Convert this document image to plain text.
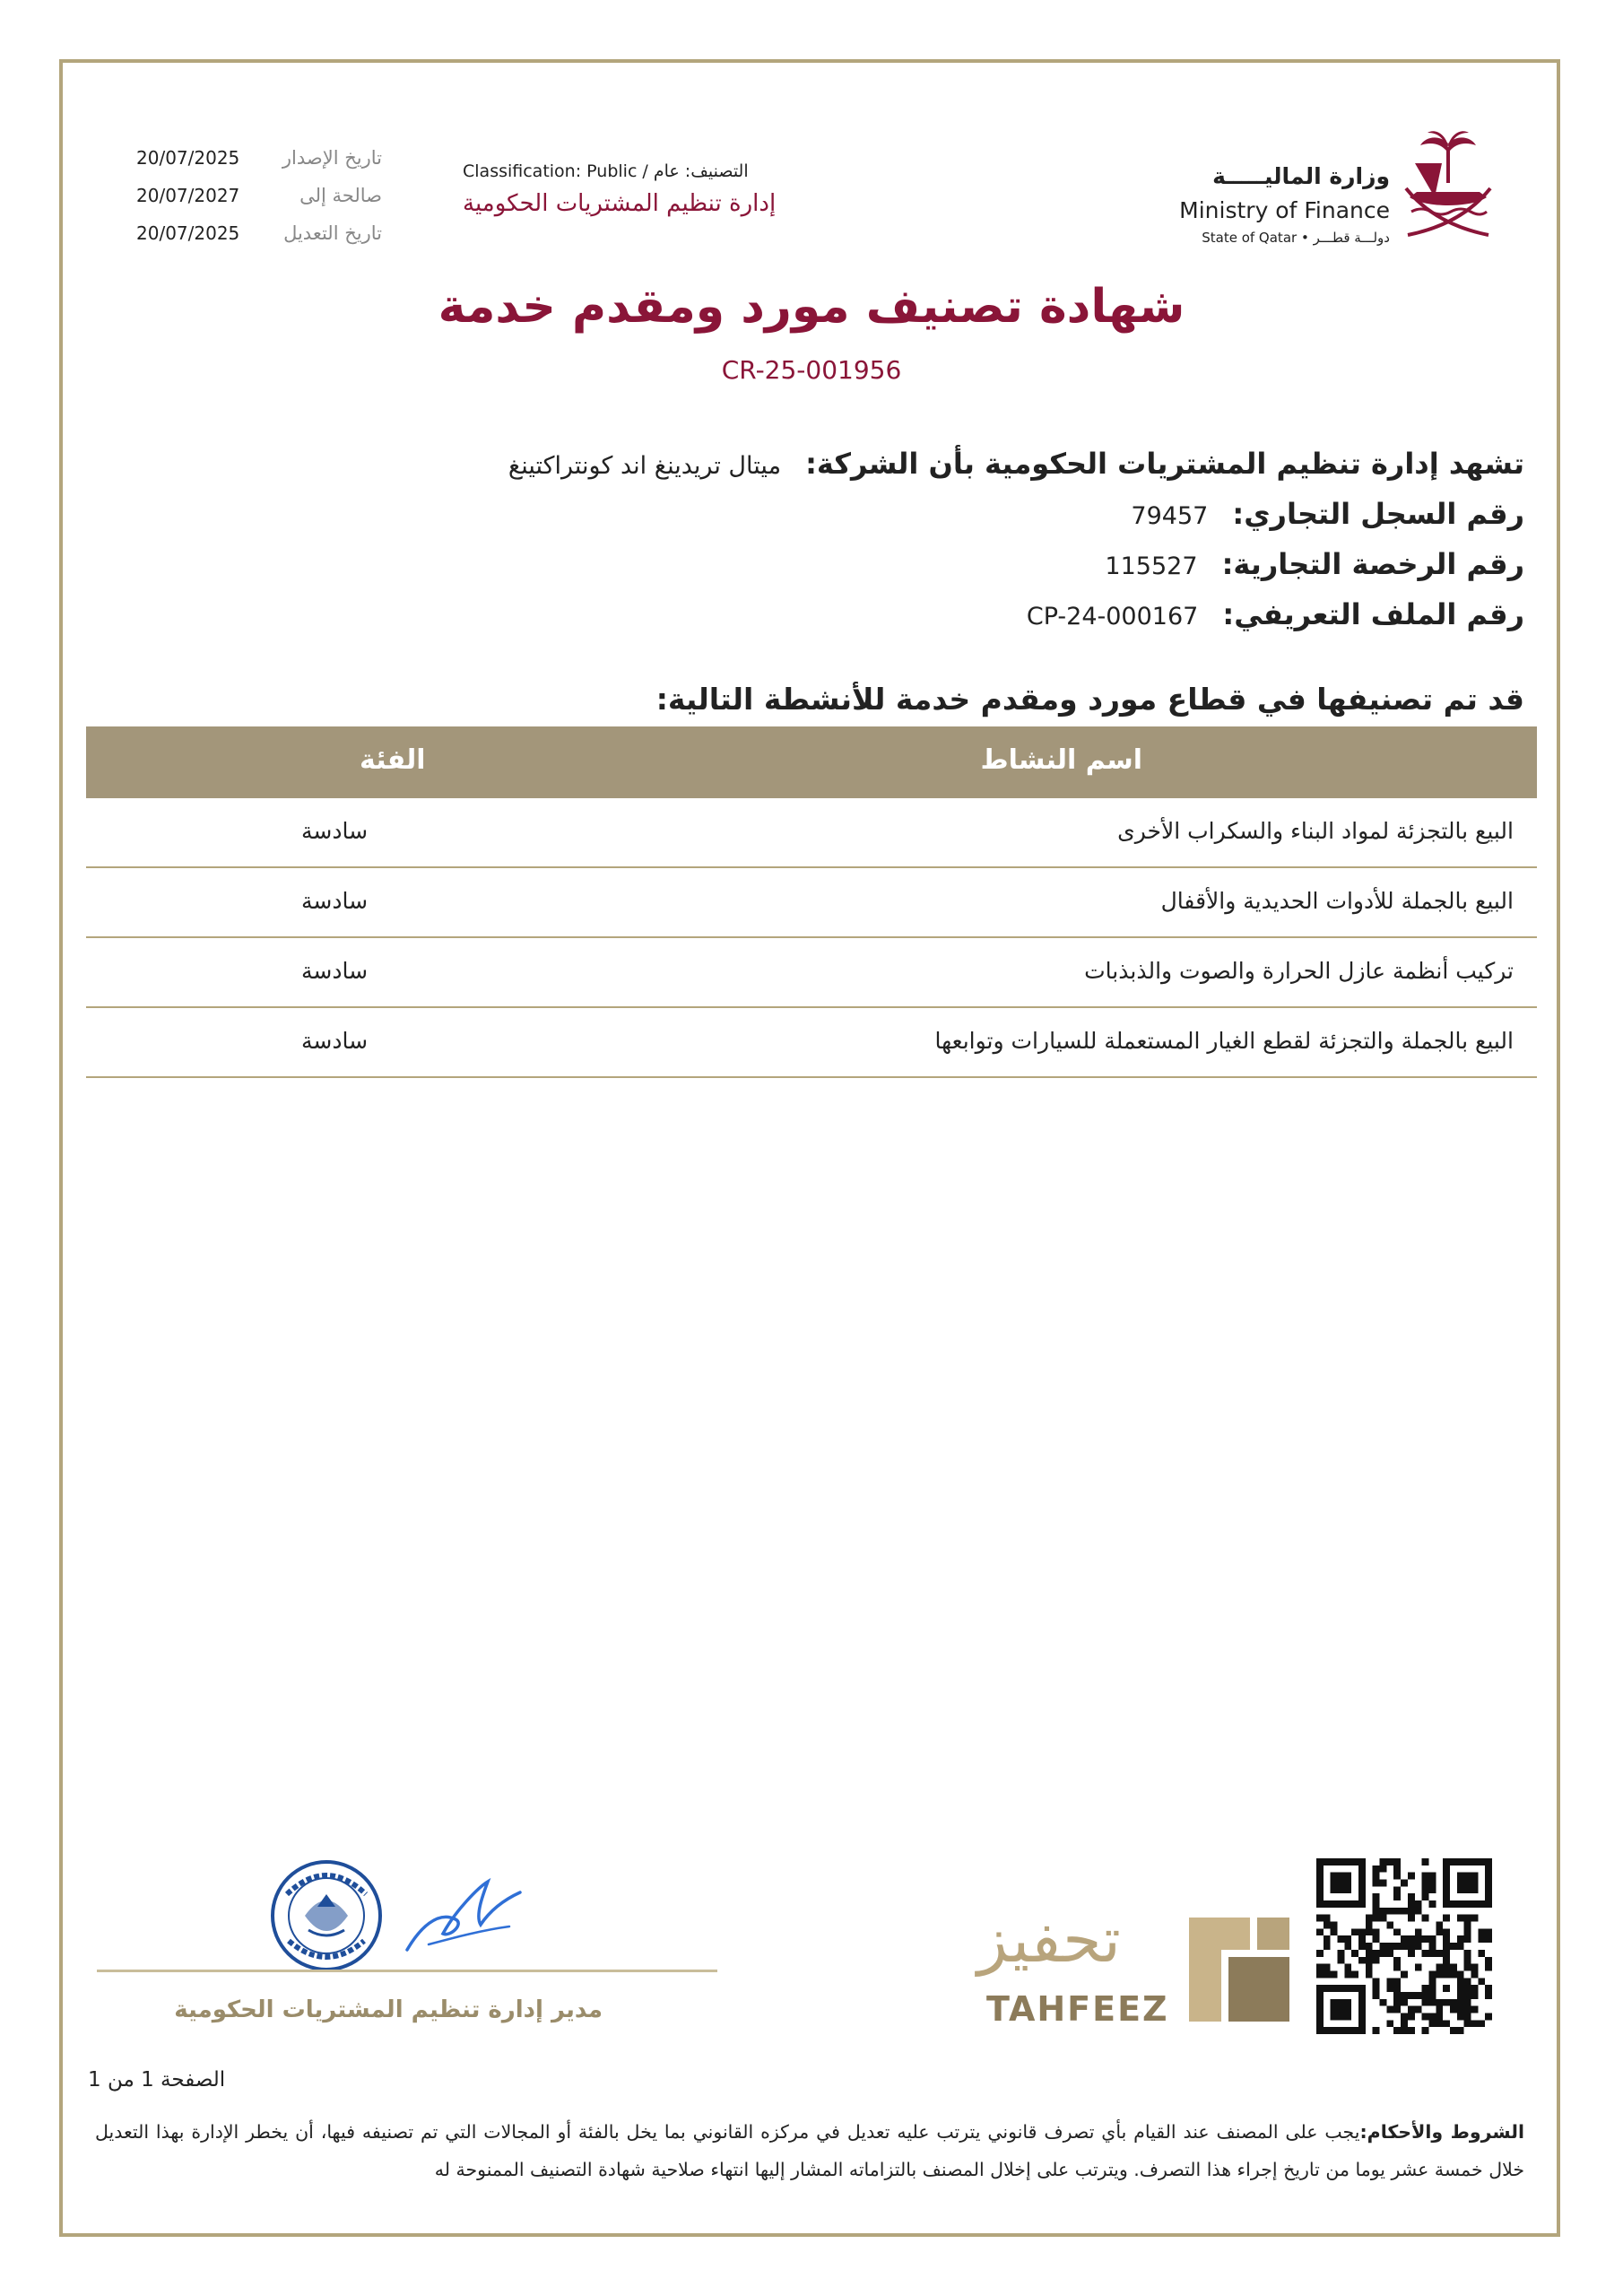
وزارة الماليـــــة
Ministry of Finance
State of Qatar • دولـــة قطـــر
Classification: Public / التصنيف: عام
إدارة تنظيم المشتريات الحكومية
20/07/2025 تاريخ الإصدار
20/07/2027	صالحة إلى
20/07/2025 تاريخ التعديل
شهادة تصنيف مورد ومقدم خدمة
CR-25-001956
تشهد إدارة تنظيم المشتريات الحكومية بأن الشركة: ميتال تريدينغ اند كونتراكتينغ
رقم السجل التجاري: 79457
رقم الرخصة التجارية: 115527
رقم الملف التعريفي: CP-24-000167
قد تم تصنيفها في قطاع مورد ومقدم خدمة للأنشطة التالية:
اسم النشاط
الفئة
البيع بالتجزئة لمواد البناء والسكراب الأخرى
سادسة
البيع بالجملة للأدوات الحديدية والأقفال
سادسة
تركيب أنظمة عازل الحرارة والصوت والذبذبات
سادسة
البيع بالجملة والتجزئة لقطع الغيار المستعملة للسيارات وتوابعها
سادسة
تحفيز
TAHFEEZ
مدير إدارة تنظيم المشتريات الحكومية
الصفحة 1 من 1
الشروط والأحكام:يجب على المصنف عند القيام بأي تصرف قانوني يترتب عليه تعديل في مركزه القانوني بما يخل بالفئة أو المجالات التي تم تصنيفه فيها، أن يخطر الإدارة بهذا التعديل خلال خمسة عشر يوما من تاريخ إجراء هذا التصرف. ويترتب على إخلال المصنف بالتزاماته المشار إليها انتهاء صلاحية شهادة التصنيف الممنوحة له
